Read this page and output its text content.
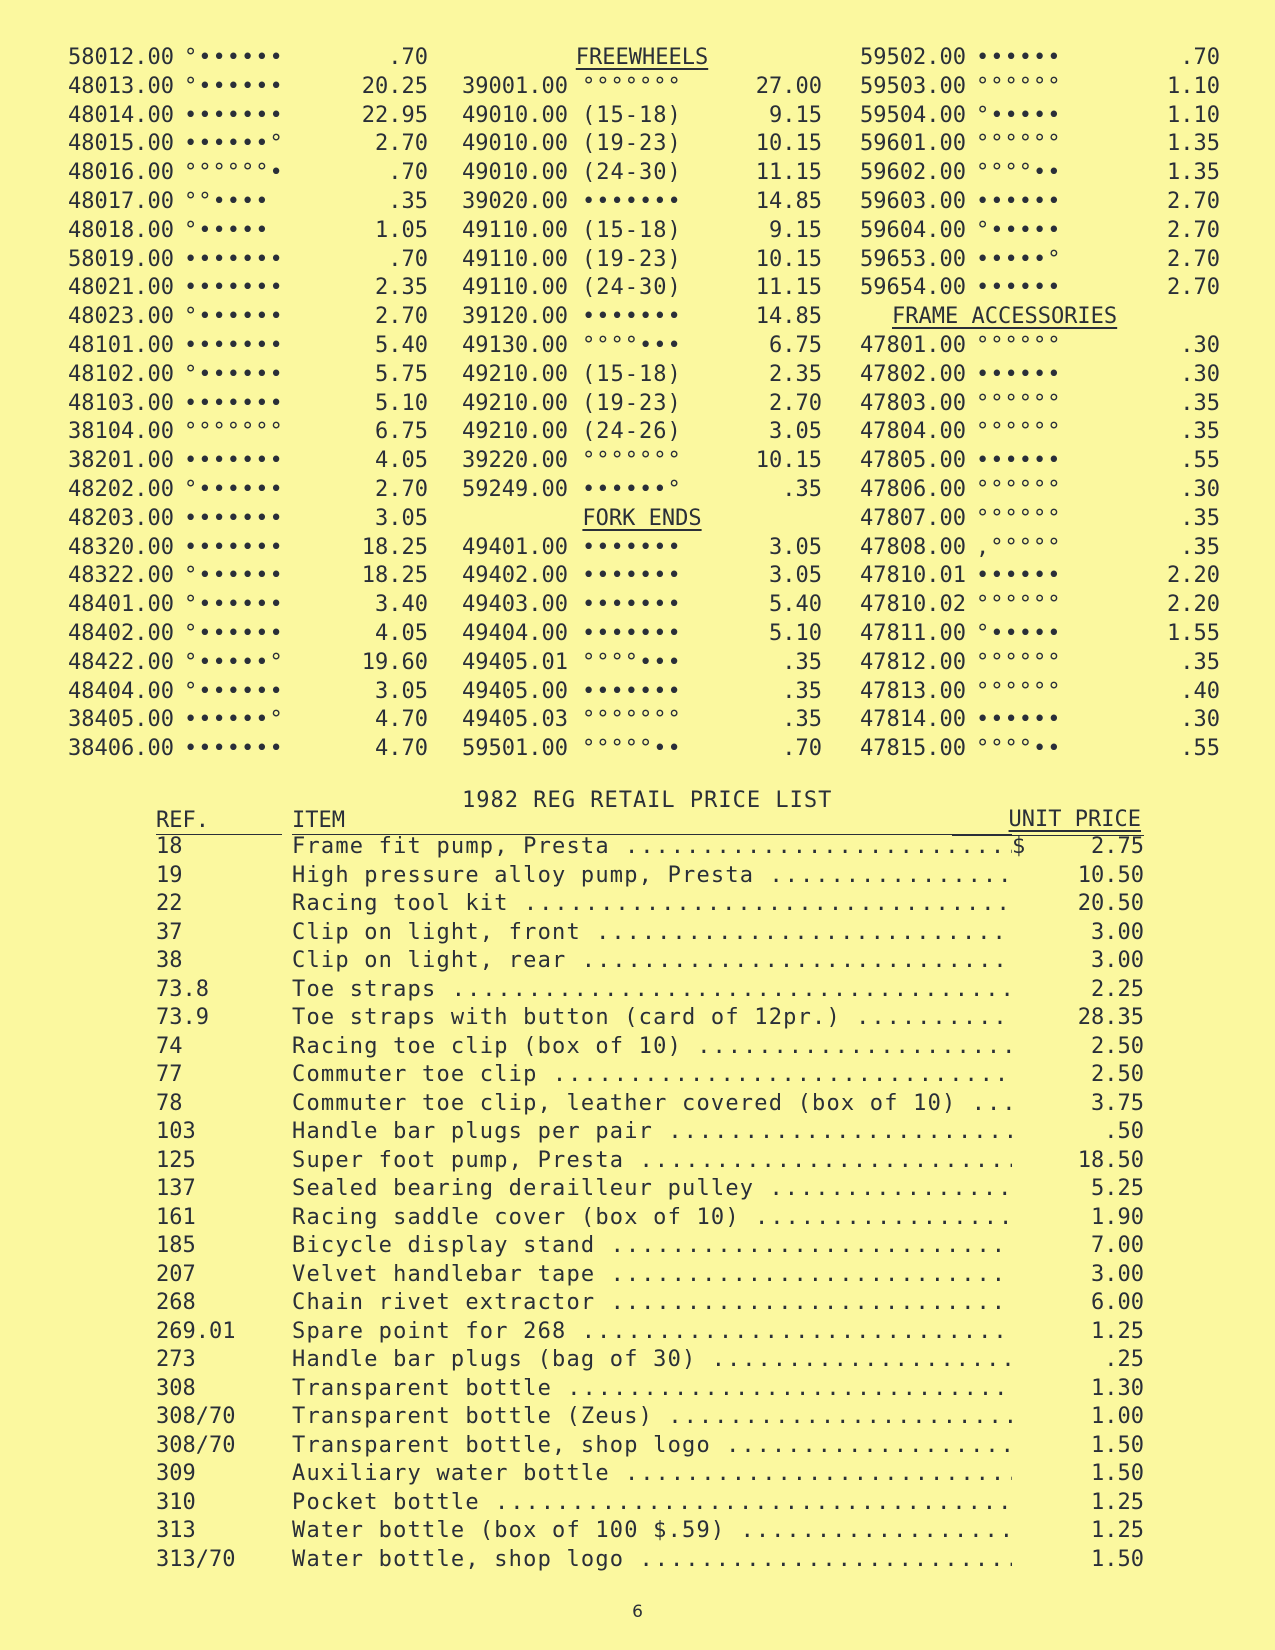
58012.00 °••••••	.70
48013.00 °••••••	20.25
48014.00 •••••••	22.95
48015.00 ••••••°	2.70
48016.00 °°°°°°•	.70
48017.00 °°••••	.35
48018.00 °•••••	1.05
58019.00 •••••••	.70
48021.00 •••••••	2.35
48023.00 °••••••	2.70
48101.00 •••••••	5.40
48102.00 °••••••	5.75
48103.00 •••••••	5.10
38104.00 °°°°°°°	6.75
38201.00 •••••••	4.05
48202.00 °••••••	2.70
48203.00 •••••••	3.05
48320.00 •••••••	18.25
48322.00 °••••••	18.25
48401.00 °••••••	3.40
48402.00 °••••••	4.05
48422.00 °•••••°	19.60
48404.00 °••••••	3.05
38405.00 ••••••°	4.70
38406.00 •••••••	4.70
FREEWHEELS
39001.00 °°°°°°°	27.00
49010.00 (15-18)	9.15
49010.00 (19-23)	10.15
49010.00 (24-30)	11.15
39020.00 •••••••	14.85
49110.00 (15-18)	9.15
49110.00 (19-23)	10.15
49110.00 (24-30)	11.15
39120.00 •••••••	14.85
49130.00 °°°°•••	6.75
49210.00 (15-18)	2.35
49210.00 (19-23)	2.70
49210.00 (24-26)	3.05
39220.00 °°°°°°°	10.15
59249.00 ••••••°	.35
FORK ENDS
49401.00 •••••••	3.05
49402.00 •••••••	3.05
49403.00 •••••••	5.40
49404.00 •••••••	5.10
49405.01 °°°°•••	.35
49405.00 •••••••	.35
49405.03 °°°°°°°	.35
59501.00 °°°°°••	.70
59502.00 ••••••	.70
59503.00 °°°°°°	1.10
59504.00 °•••••	1.10
59601.00 °°°°°°	1.35
59602.00 °°°°••	1.35
59603.00 ••••••	2.70
59604.00 °•••••	2.70
59653.00 •••••°	2.70
59654.00 ••••••	2.70
FRAME ACCESSORIES
47801.00 °°°°°°	.30
47802.00 ••••••	.30
47803.00 °°°°°°	.35
47804.00 °°°°°°	.35
47805.00 ••••••	.55
47806.00 °°°°°°	.30
47807.00 °°°°°°	.35
47808.00 ,°°°°°	.35
47810.01 ••••••	2.20
47810.02 °°°°°°	2.20
47811.00 °•••••	1.55
47812.00 °°°°°°	.35
47813.00 °°°°°°	.40
47814.00 ••••••	.30
47815.00 °°°°••	.55
1982 REG RETAIL PRICE LIST
REF.	ITEM	UNIT PRICE
18	Frame fit pump, Presta .....	$	2.75
19	High pressure alloy pump, Presta .....	10.50
22	Racing tool kit .....	20.50
37	Clip on light, front .....	3.00
38	Clip on light, rear .....	3.00
73.8	Toe straps .....	2.25
73.9	Toe straps with button (card of 12pr.) .....	28.35
74	Racing toe clip (box of 10) .....	2.50
77	Commuter toe clip .....	2.50
78	Commuter toe clip, leather covered (box of 10) .....	3.75
103	Handle bar plugs per pair .....	.50
125	Super foot pump, Presta .....	18.50
137	Sealed bearing derailleur pulley .....	5.25
161	Racing saddle cover (box of 10) .....	1.90
185	Bicycle display stand .....	7.00
207	Velvet handlebar tape .....	3.00
268	Chain rivet extractor .....	6.00
269.01	Spare point for 268 .....	1.25
273	Handle bar plugs (bag of 30) .....	.25
308	Transparent bottle .....	1.30
308/70	Transparent bottle (Zeus) .....	1.00
308/70	Transparent bottle, shop logo .....	1.50
309	Auxiliary water bottle .....	1.50
310	Pocket bottle .....	1.25
313	Water bottle (box of 100 $.59) .....	1.25
313/70	Water bottle, shop logo .....	1.50
6
